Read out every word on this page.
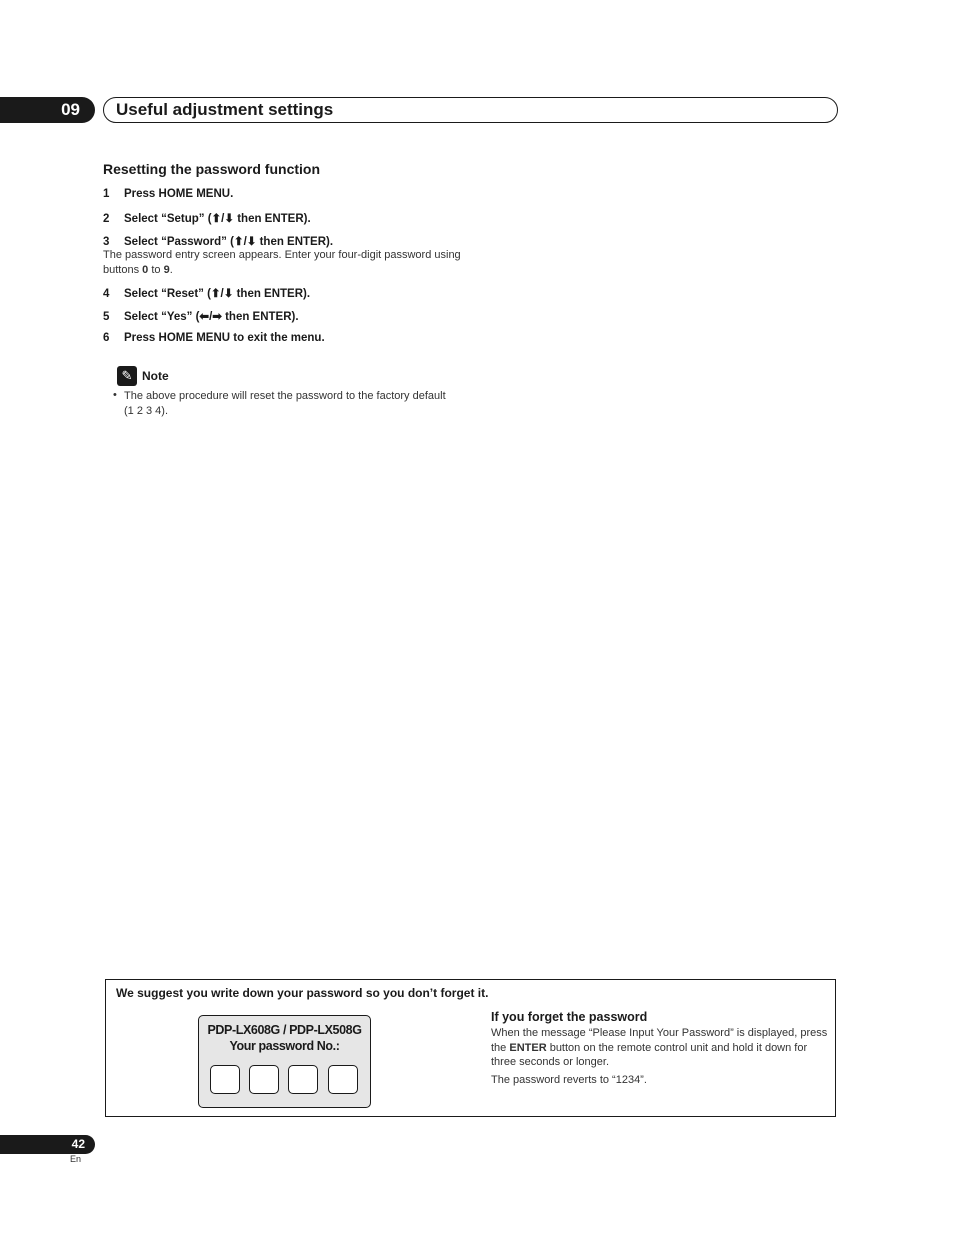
09	Useful adjustment settings
Resetting the password function
1 Press HOME MENU.
2 Select “Setup” (⬆/⬇ then ENTER).
3 Select “Password” (⬆/⬇ then ENTER).
The password entry screen appears. Enter your four-digit password using buttons 0 to 9.
4 Select “Reset” (⬆/⬇ then ENTER).
5 Select “Yes” (⬅/➡ then ENTER).
6 Press HOME MENU to exit the menu.
✎ Note
• The above procedure will reset the password to the factory default (1 2 3 4).
We suggest you write down your password so you don’t forget it.
PDP-LX608G / PDP-LX508G
Your password No.:
If you forget the password
When the message “Please Input Your Password” is displayed, press the ENTER button on the remote control unit and hold it down for three seconds or longer.
The password reverts to “1234”.
42
En
